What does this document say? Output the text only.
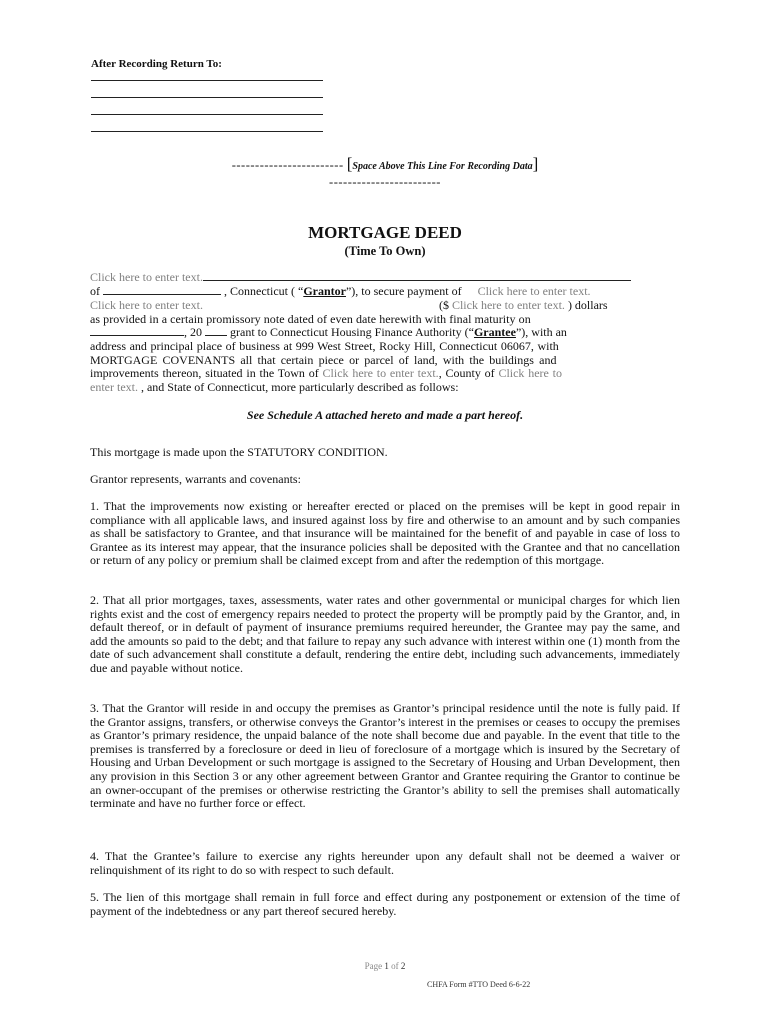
After Recording Return To:
------------------------ [Space Above This Line For Recording Data]
------------------------
MORTGAGE DEED
(Time To Own)
Click here to enter text.
of	, Connecticut ( “Grantor”), to secure payment of Click here to enter text.
Click here to enter text.	($ Click here to enter text. ) dollars
as provided in a certain promissory note dated of even date herewith with final maturity on
, 20 grant to Connecticut Housing Finance Authority (“Grantee”), with an
address and principal place of business at 999 West Street, Rocky Hill, Connecticut 06067, with
MORTGAGE COVENANTS all that certain piece or parcel of land, with the buildings and
improvements thereon, situated in the Town of Click here to enter text., County of Click here to
enter text. , and State of Connecticut, more particularly described as follows:
See Schedule A attached hereto and made a part hereof.
This mortgage is made upon the STATUTORY CONDITION.
Grantor represents, warrants and covenants:
1. That the improvements now existing or hereafter erected or placed on the premises will be kept in good repair in compliance with all applicable laws, and insured against loss by fire and otherwise to an amount and by such companies as shall be satisfactory to Grantee, and that insurance will be maintained for the benefit of and payable in case of loss to Grantee as its interest may appear, that the insurance policies shall be deposited with the Grantee and that no cancellation or return of any policy or premium shall be claimed except from and after the redemption of this mortgage.
2. That all prior mortgages, taxes, assessments, water rates and other governmental or municipal charges for which lien rights exist and the cost of emergency repairs needed to protect the property will be promptly paid by the Grantor, and, in default thereof, or in default of payment of insurance premiums required hereunder, the Grantee may pay the same, and add the amounts so paid to the debt; and that failure to repay any such advance with interest within one (1) month from the date of such advancement shall constitute a default, rendering the entire debt, including such advancements, immediately due and payable without notice.
3. That the Grantor will reside in and occupy the premises as Grantor’s principal residence until the note is fully paid. If the Grantor assigns, transfers, or otherwise conveys the Grantor’s interest in the premises or ceases to occupy the premises as Grantor’s primary residence, the unpaid balance of the note shall become due and payable. In the event that title to the premises is transferred by a foreclosure or deed in lieu of foreclosure of a mortgage which is insured by the Secretary of Housing and Urban Development or such mortgage is assigned to the Secretary of Housing and Urban Development, then any provision in this Section 3 or any other agreement between Grantor and Grantee requiring the Grantor to continue be an owner-occupant of the premises or otherwise restricting the Grantor’s ability to sell the premises shall automatically terminate and have no further force or effect.
4. That the Grantee’s failure to exercise any rights hereunder upon any default shall not be deemed a waiver or relinquishment of its right to do so with respect to such default.
5. The lien of this mortgage shall remain in full force and effect during any postponement or extension of the time of payment of the indebtedness or any part thereof secured hereby.
Page 1 of 2
CHFA Form #TTO Deed 6-6-22
